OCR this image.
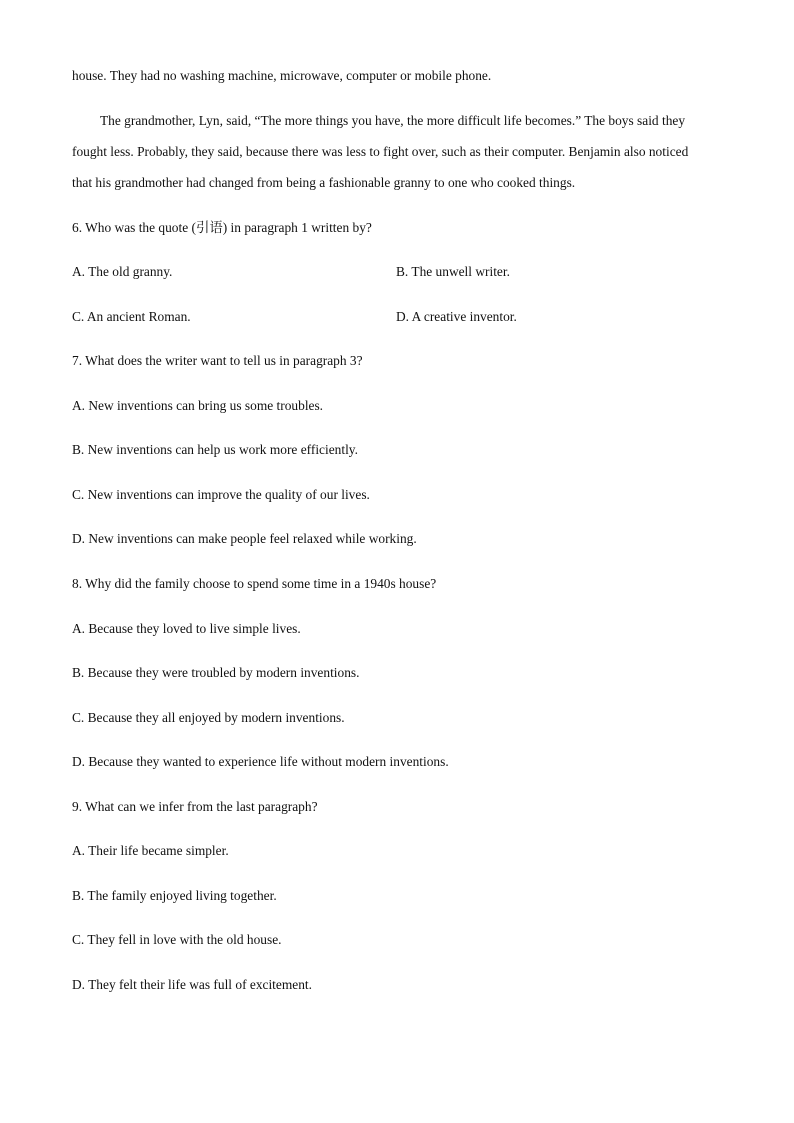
house. They had no washing machine, microwave, computer or mobile phone.
The grandmother, Lyn, said, “The more things you have, the more difficult life becomes.” The boys said they
fought less. Probably, they said, because there was less to fight over, such as their computer. Benjamin also noticed
that his grandmother had changed from being a fashionable granny to one who cooked things.
6. Who was the quote (引语) in paragraph 1 written by?
A. The old granny.	B. The unwell writer.
C. An ancient Roman.	D. A creative inventor.
7. What does the writer want to tell us in paragraph 3?
A. New inventions can bring us some troubles.
B. New inventions can help us work more efficiently.
C. New inventions can improve the quality of our lives.
D. New inventions can make people feel relaxed while working.
8. Why did the family choose to spend some time in a 1940s house?
A. Because they loved to live simple lives.
B. Because they were troubled by modern inventions.
C. Because they all enjoyed by modern inventions.
D. Because they wanted to experience life without modern inventions.
9. What can we infer from the last paragraph?
A. Their life became simpler.
B. The family enjoyed living together.
C. They fell in love with the old house.
D. They felt their life was full of excitement.
